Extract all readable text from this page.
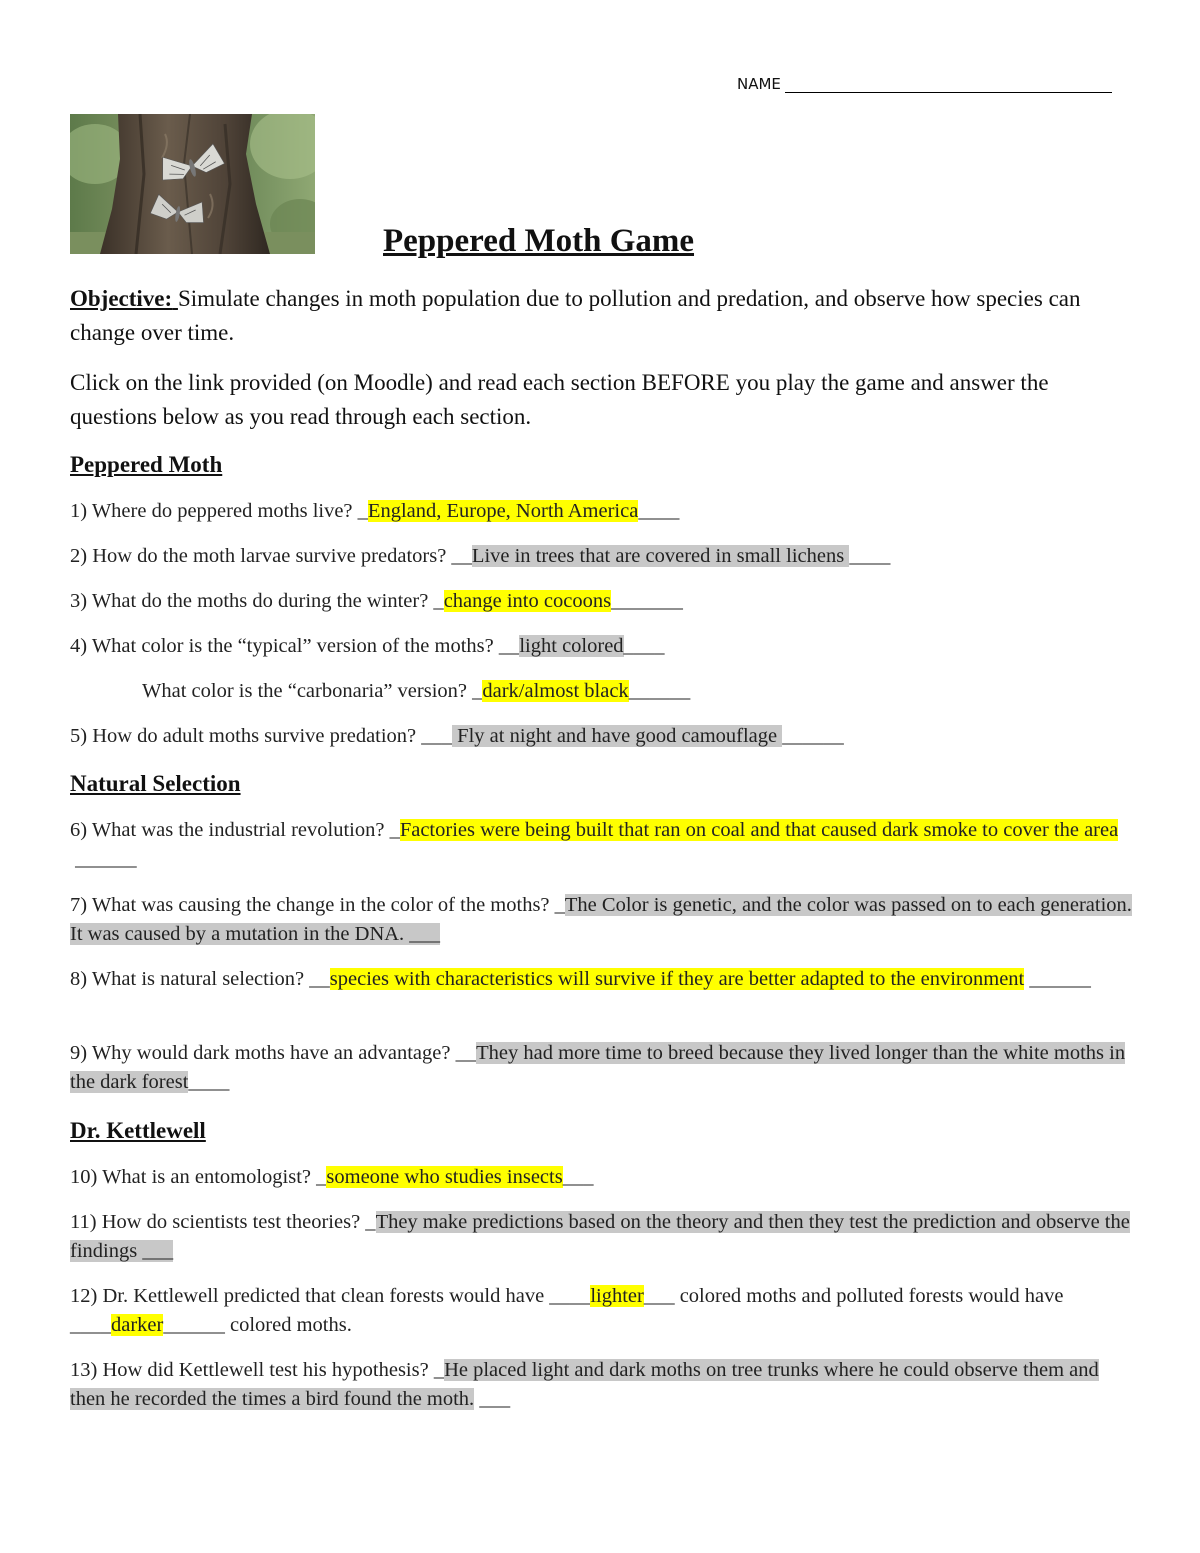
NAME
Peppered Moth Game
Objective: Simulate changes in moth population due to pollution and predation, and observe how species can change over time.
Click on the link provided (on Moodle) and read each section BEFORE you play the game and answer the questions below as you read through each section.
Peppered Moth
1) Where do peppered moths live? _England, Europe, North America____
2) How do the moth larvae survive predators? __Live in trees that are covered in small lichens ____
3) What do the moths do during the winter? _change into cocoons_______
4) What color is the “typical” version of the moths? __light colored____
What color is the “carbonaria” version? _dark/almost black______
5) How do adult moths survive predation? ___ Fly at night and have good camouflage ______
Natural Selection
6) What was the industrial revolution? _Factories were being built that ran on coal and that caused dark smoke to cover the area ______
7) What was causing the change in the color of the moths? _The Color is genetic, and the color was passed on to each generation. It was caused by a mutation in the DNA. ___
8) What is natural selection? __species with characteristics will survive if they are better adapted to the environment ______
9) Why would dark moths have an advantage? __They had more time to breed because they lived longer than the white moths in the dark forest____
Dr. Kettlewell
10) What is an entomologist? _someone who studies insects___
11) How do scientists test theories? _They make predictions based on the theory and then they test the prediction and observe the findings ___
12) Dr. Kettlewell predicted that clean forests would have ____lighter___ colored moths and polluted forests would have ____darker______ colored moths.
13) How did Kettlewell test his hypothesis? _He placed light and dark moths on tree trunks where he could observe them and then he recorded the times a bird found the moth. ___
